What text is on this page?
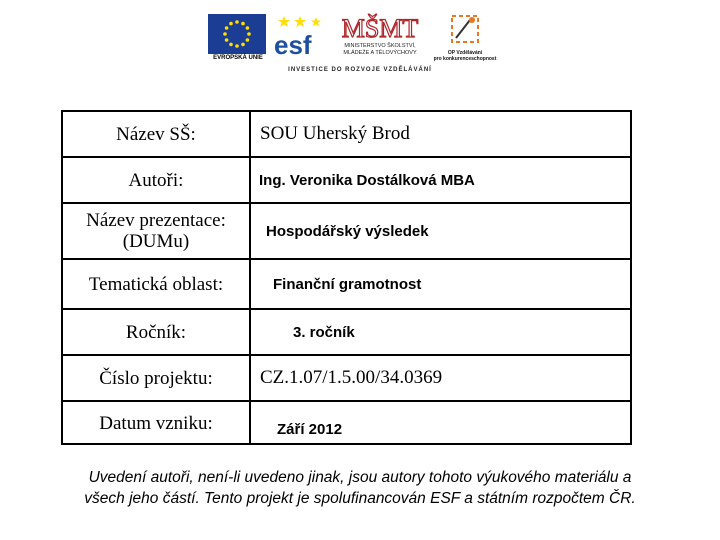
EVROPSKÁ UNIE esf
MŠMT
MINISTERSTVO ŠKOLSTVÍ,
MLÁDEŽE A TĚLOVÝCHOVY	OP Vzdělávání
pro konkurenceschopnost
INVESTICE DO ROZVOJE VZDĚLÁVÁNÍ
Název SŠ:	SOU Uherský Brod
Autoři:	Ing. Veronika Dostálková MBA
Název prezentace: (DUMu)	Hospodářský výsledek
Tematická oblast:	Finanční gramotnost
Ročník:	3. ročník
Číslo projektu:	CZ.1.07/1.5.00/34.0369
Datum vzniku:	Září 2012
Uvedení autoři, není-li uvedeno jinak, jsou autory tohoto výukového materiálu a
všech jeho částí. Tento projekt je spolufinancován ESF a státním rozpočtem ČR.
